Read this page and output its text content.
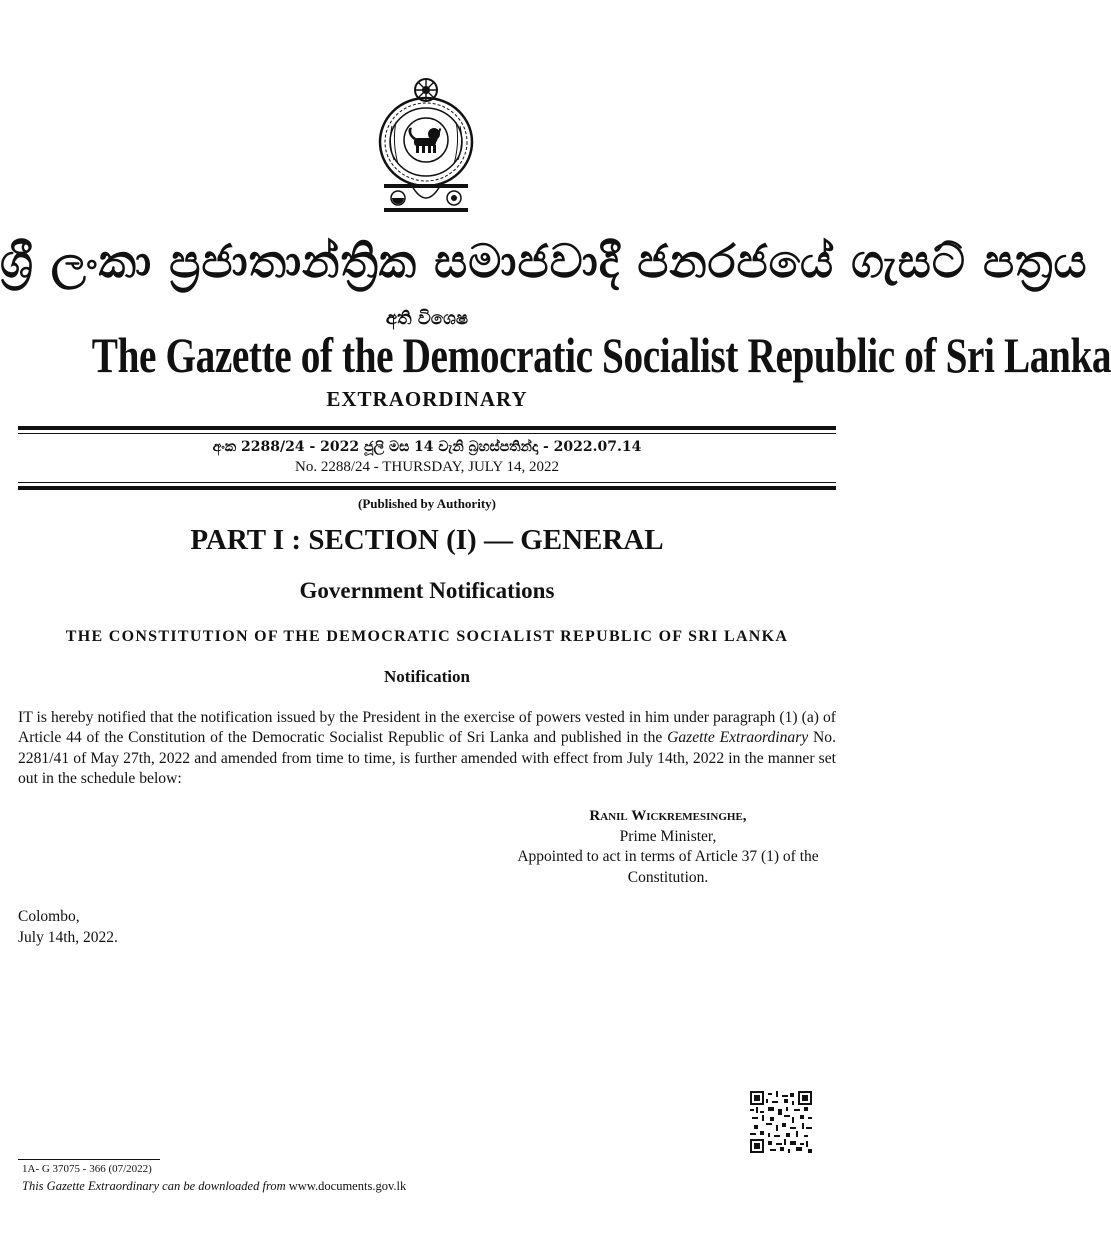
ශ්‍රී ලංකා ප්‍රජාතාන්ත්‍රික සමාජවාදී ජනරජයේ ගැසට් පත්‍රය
අති විශෙෂ
The Gazette of the Democratic Socialist Republic of Sri Lanka
EXTRAORDINARY
අංක 2288/24 - 2022 ජූලි මස 14 වැනි බ්‍රහස්පතින්දා - 2022.07.14
No. 2288/24 - THURSDAY, JULY 14, 2022
(Published by Authority)
PART I : SECTION (I) — GENERAL
Government Notifications
THE CONSTITUTION OF THE DEMOCRATIC SOCIALIST REPUBLIC OF SRI LANKA
Notification
IT is hereby notified that the notification issued by the President in the exercise of powers vested in him under paragraph (1) (a) of Article 44 of the Constitution of the Democratic Socialist Republic of Sri Lanka and published in the Gazette Extraordinary No. 2281/41 of May 27th, 2022 and amended from time to time, is further amended with effect from July 14th, 2022 in the manner set out in the schedule below:
Ranil Wickremesinghe,
Prime Minister,
Appointed to act in terms of Article 37 (1) of the
Constitution.
Colombo,
July 14th, 2022.
1A- G 37075 - 366 (07/2022)
This Gazette Extraordinary can be downloaded from www.documents.gov.lk
